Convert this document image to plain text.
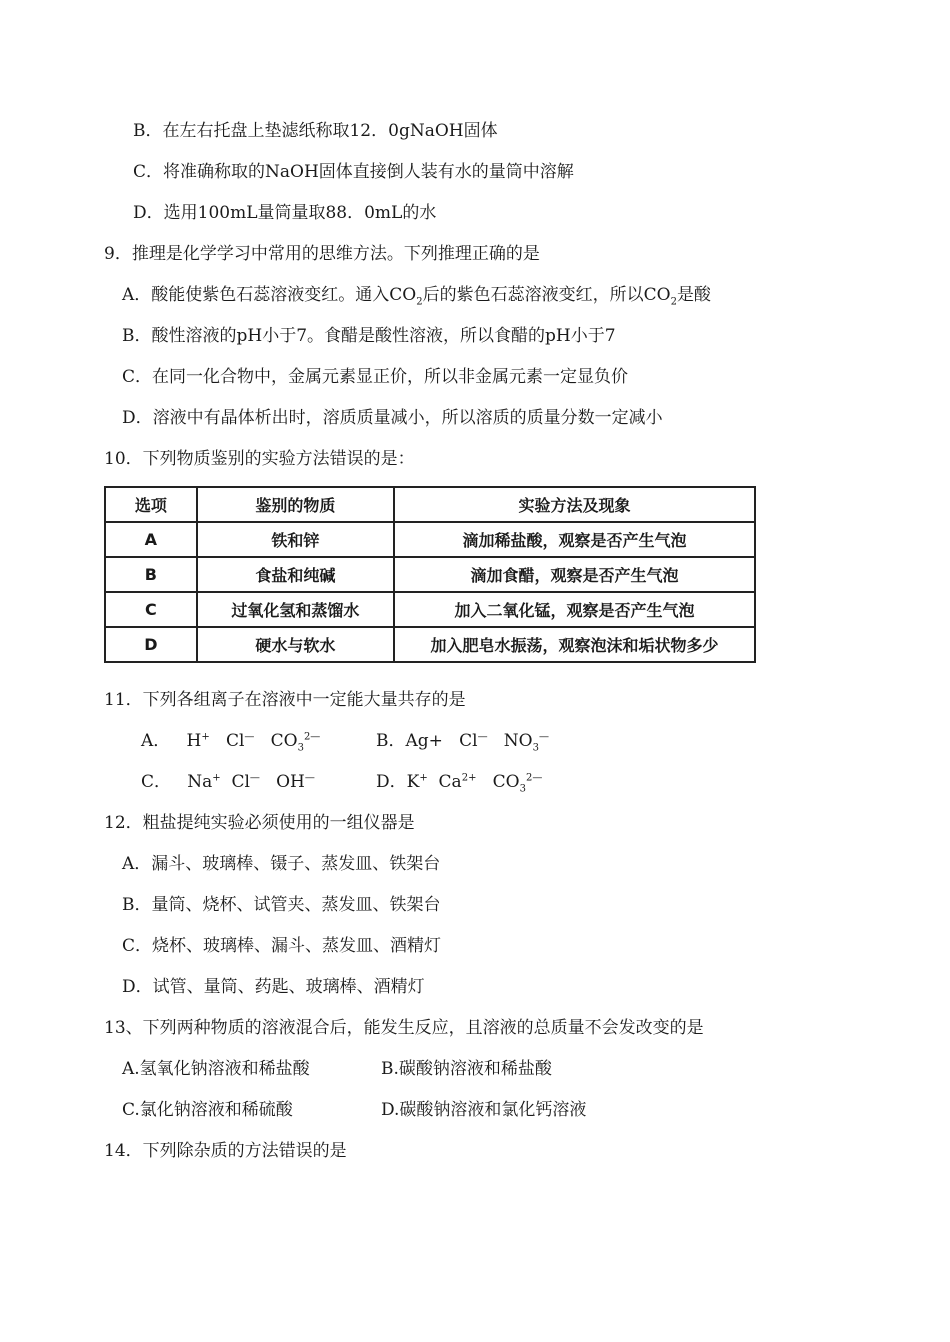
B．在左右托盘上垫滤纸称取12．0gNaOH固体
C．将准确称取的NaOH固体直接倒人装有水的量筒中溶解
D．选用100mL量筒量取88．0mL的水
9．推理是化学学习中常用的思维方法。下列推理正确的是
A．酸能使紫色石蕊溶液变红。通入$CO_2$后的紫色石蕊溶液变红，所以$CO_2$是酸
B．酸性溶液的pH小于7。食醋是酸性溶液，所以食醋的pH小于7
C．在同一化合物中，金属元素显正价，所以非金属元素一定显负价
D．溶液中有晶体析出时，溶质质量减小，所以溶质的质量分数一定减小
10．下列物质鉴别的实验方法错误的是：
选项	鉴别的物质	实验方法及现象
A	铁和锌	滴加稀盐酸，观察是否产生气泡
B	食盐和纯碱	滴加食醋，观察是否产生气泡
C	过氧化氢和蒸馏水	加入二氧化锰，观察是否产生气泡
D	硬水与软水	加入肥皂水振荡，观察泡沫和垢状物多少
11．下列各组离子在溶液中一定能大量共存的是
A． H+ Cl— $CO_3^{2—}$	B．Ag+ Cl— $NO_3^—$
C． Na+ Cl— OH—	D．K+ $Ca^{2+}$ $CO_3^{2—}$
12．粗盐提纯实验必须使用的一组仪器是
A．漏斗、玻璃棒、镊子、蒸发皿、铁架台
B．量筒、烧杯、试管夹、蒸发皿、铁架台
C．烧杯、玻璃棒、漏斗、蒸发皿、酒精灯
D．试管、量筒、药匙、玻璃棒、酒精灯
13、下列两种物质的溶液混合后，能发生反应，且溶液的总质量不会发改变的是
A.氢氧化钠溶液和稀盐酸	B.碳酸钠溶液和稀盐酸
C.氯化钠溶液和稀硫酸	D.碳酸钠溶液和氯化钙溶液
14．下列除杂质的方法错误的是
